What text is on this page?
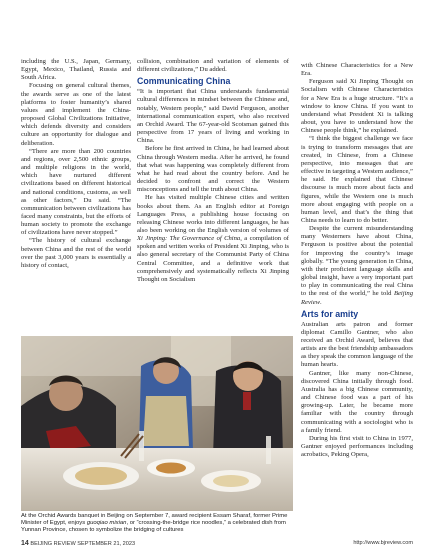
including the U.S., Japan, Germany, Egypt, Mexico, Thailand, Russia and South Africa.

Focusing on general cultural themes, the awards serve as one of the latest platforms to foster humanity’s shared values and implement the China-proposed Global Civilizations Initiative, which defends diversity and considers culture an opportunity for dialogue and deliberation.

“There are more than 200 countries and regions, over 2,500 ethnic groups, and multiple religions in the world, which have nurtured different civilizations based on different historical and national conditions, customs, as well as other factors,” Du said. “The communication between civilizations has faced many constraints, but the efforts of human society to promote the exchange of civilizations have never stopped.”

“The history of cultural exchange between China and the rest of the world over the past 3,000 years is essentially a history of contact,

collision, combination and variation of elements of different civilizations,” Du added.

Communicating China

“It is important that China understands fundamental cultural differences in mindset between the Chinese and, notably, Western people,” said David Ferguson, another international communication expert, who also received an Orchid Award. The 67-year-old Scotsman gained this perspective from 17 years of living and working in China.

Before he first arrived in China, he had learned about China through Western media. After he arrived, he found that what was happening was completely different from what he had read about the country before. And he decided to confront and correct the Western misconceptions and tell the truth about China.

He has visited multiple Chinese cities and written books about them. As an English editor at Foreign Languages Press, a publishing house focusing on releasing Chinese works into different languages, he has also been working on the English version of volumes of Xi Jinping: The Governance of China, a compilation of spoken and written works of President Xi Jinping, who is also general secretary of the Communist Party of China Central Committee, and a definitive work that comprehensively and systematically reflects Xi Jinping Thought on Socialism

with Chinese Characteristics for a New Era.

Ferguson said Xi Jinping Thought on Socialism with Chinese Characteristics for a New Era is a huge structure. “It’s a window to know China. If you want to understand what President Xi is talking about, you have to understand how the Chinese people think,” he explained.

“I think the biggest challenge we face is trying to transform messages that are created, in Chinese, from a Chinese perspective, into messages that are effective in targeting a Western audience,” he said. He explained that Chinese discourse is much more about facts and figures, while the Western one is much more about engaging with people on a human level, and that’s the thing that China needs to learn to do better.

Despite the current misunderstanding many Westerners have about China, Ferguson is positive about the potential for improving the country’s image globally. “The young generation in China, with their proficient language skills and global insight, have a very important part to play in communicating the real China to the rest of the world,” he told Beijing Review.

Arts for amity

Australian arts patron and former diplomat Camillo Gantner, who also received an Orchid Award, believes that artists are the best friendship ambassadors as they speak the common language of the human hearts.

Gantner, like many non-Chinese, discovered China initially through food. Australia has a big Chinese community, and Chinese food was a part of his growing-up. Later, he became more familiar with the country through communicating with a sociologist who is a family friend.

During his first visit to China in 1977, Gantner enjoyed performances including acrobatics, Peking Opera,

At the Orchid Awards banquet in Beijing on September 7, award recipient Essam Sharaf, former Prime Minister of Egypt, enjoys guoqiao mixian, or “crossing-the-bridge rice noodles,” a celebrated dish from Yunnan Province, chosen to symbolize the bridging of cultures
14 BEIJING REVIEW SEPTEMBER 21, 2023	http://www.bjreview.com
